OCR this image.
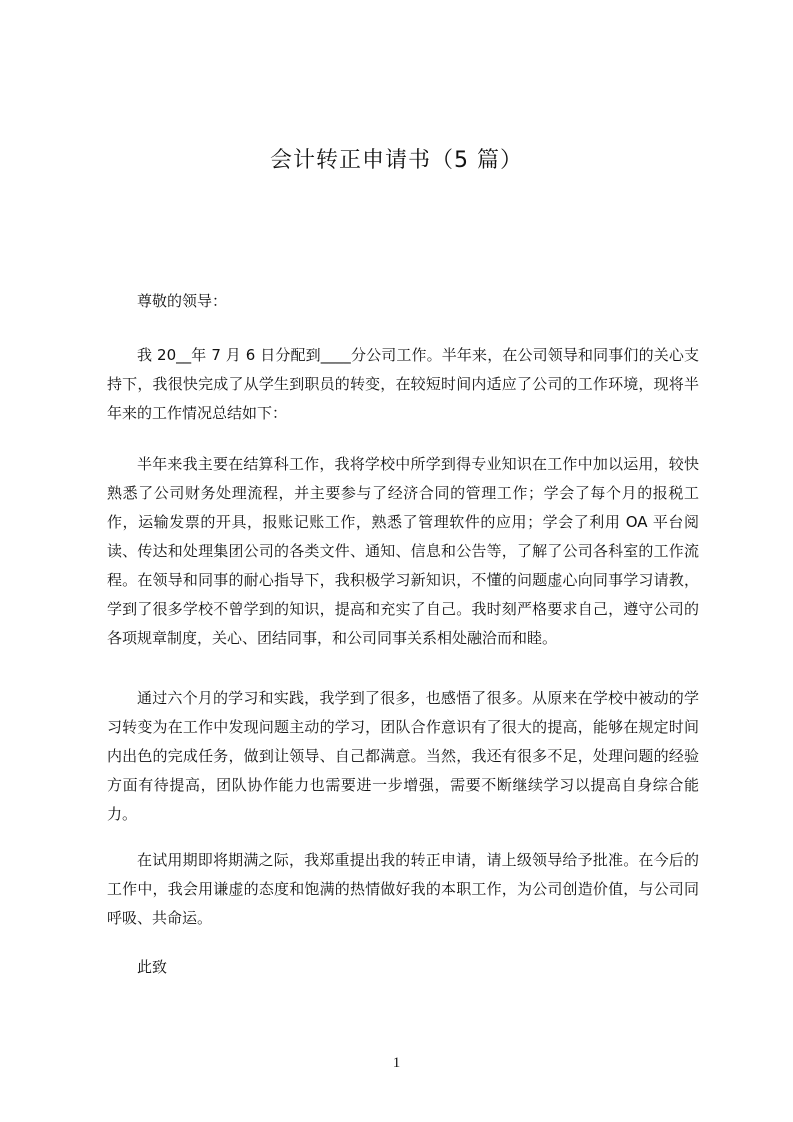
会计转正申请书（5 篇）
尊敬的领导：

我 20__年 7 月 6 日分配到____分公司工作。半年来，在公司领导和同事们的关心支持下，我很快完成了从学生到职员的转变，在较短时间内适应了公司的工作环境，现将半年来的工作情况总结如下：

半年来我主要在结算科工作，我将学校中所学到得专业知识在工作中加以运用，较快熟悉了公司财务处理流程，并主要参与了经济合同的管理工作；学会了每个月的报税工作，运输发票的开具，报账记账工作，熟悉了管理软件的应用；学会了利用 OA 平台阅读、传达和处理集团公司的各类文件、通知、信息和公告等，了解了公司各科室的工作流程。在领导和同事的耐心指导下，我积极学习新知识，不懂的问题虚心向同事学习请教，学到了很多学校不曾学到的知识，提高和充实了自己。我时刻严格要求自己，遵守公司的各项规章制度，关心、团结同事，和公司同事关系相处融洽而和睦。

通过六个月的学习和实践，我学到了很多，也感悟了很多。从原来在学校中被动的学习转变为在工作中发现问题主动的学习，团队合作意识有了很大的提高，能够在规定时间内出色的完成任务，做到让领导、自己都满意。当然，我还有很多不足，处理问题的经验方面有待提高，团队协作能力也需要进一步增强，需要不断继续学习以提高自身综合能力。

在试用期即将期满之际，我郑重提出我的转正申请，请上级领导给予批准。在今后的工作中，我会用谦虚的态度和饱满的热情做好我的本职工作，为公司创造价值，与公司同呼吸、共命运。

此致
1
